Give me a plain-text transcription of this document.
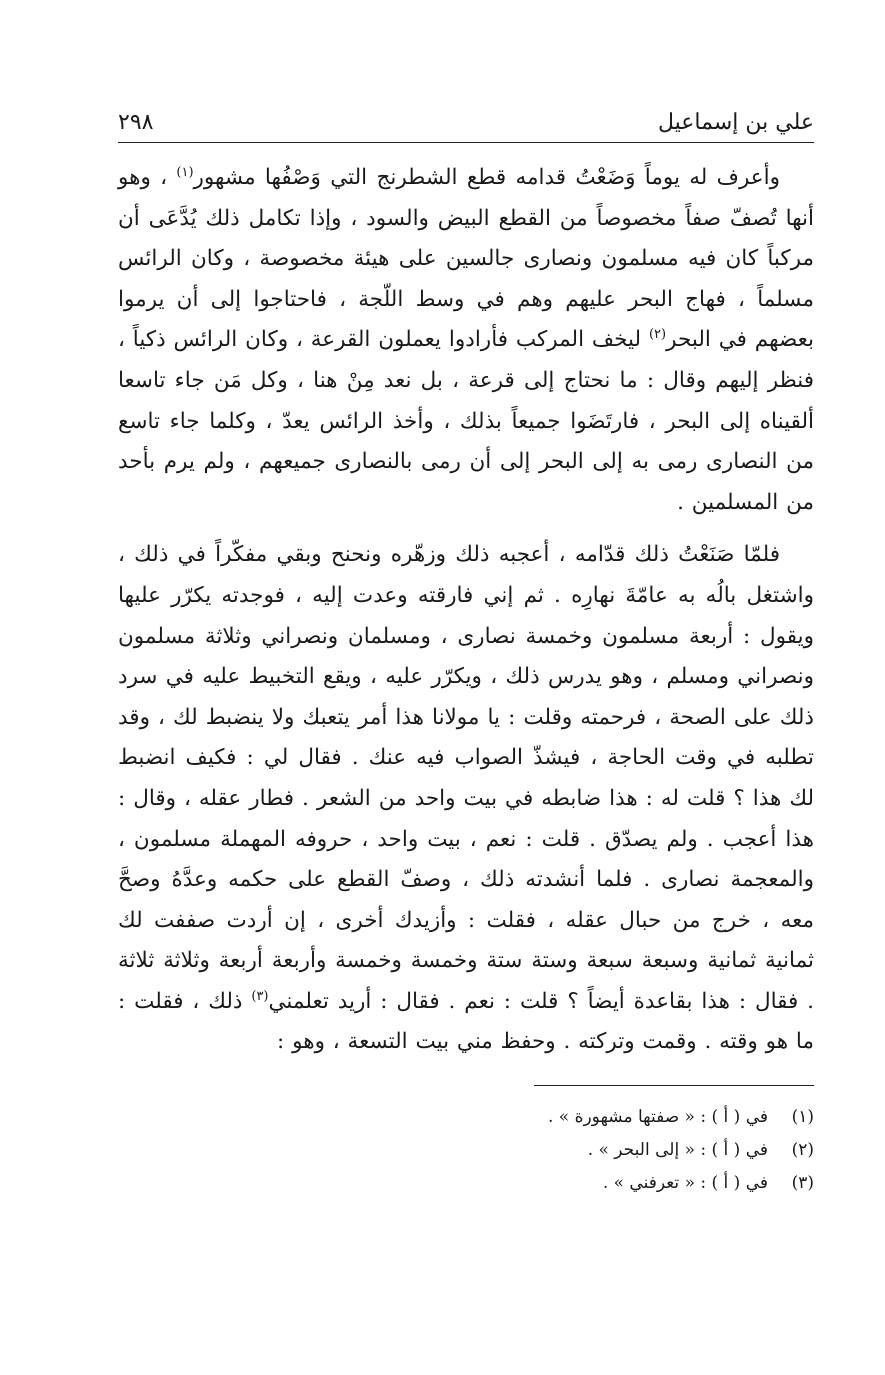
علي بن إسماعيل
٢٩٨

وأعرف له يوماً وَضَعْتُ قدامه قطع الشطرنج التي وَصْفُها مشهور$^{(١)}$ ، وهو أنها تُصفّ صفاً مخصوصاً من القطع البيض والسود ، وإذا تكامل ذلك يُدَّعَى أن مركباً كان فيه مسلمون ونصارى جالسين على هيئة مخصوصة ، وكان الرائس مسلماً ، فهاج البحر عليهم وهم في وسط اللّجة ، فاحتاجوا إلى أن يرموا بعضهم في البحر$^{(٢)}$ ليخف المركب فأرادوا يعملون القرعة ، وكان الرائس ذكياً ، فنظر إليهم وقال : ما نحتاج إلى قرعة ، بل نعد مِنْ هنا ، وكل مَن جاء تاسعا ألقيناه إلى البحر ، فارتَضَوا جميعاً بذلك ، وأخذ الرائس يعدّ ، وكلما جاء تاسع من النصارى رمى به إلى البحر إلى أن رمى بالنصارى جميعهم ، ولم يرم بأحد من المسلمين .

فلمّا صَنَعْتُ ذلك قدّامه ، أعجبه ذلك وزهّره ونحنح وبقي مفكّراً في ذلك ، واشتغل بالُه به عامّةَ نهارِه . ثم إني فارقته وعدت إليه ، فوجدته يكرّر عليها ويقول : أربعة مسلمون وخمسة نصارى ، ومسلمان ونصراني وثلاثة مسلمون ونصراني ومسلم ، وهو يدرس ذلك ، ويكرّر عليه ، ويقع التخبيط عليه في سرد ذلك على الصحة ، فرحمته وقلت : يا مولانا هذا أمر يتعبك ولا ينضبط لك ، وقد تطلبه في وقت الحاجة ، فيشذّ الصواب فيه عنك . فقال لي : فكيف انضبط لك هذا ؟ قلت له : هذا ضابطه في بيت واحد من الشعر . فطار عقله ، وقال : هذا أعجب . ولم يصدّق . قلت : نعم ، بيت واحد ، حروفه المهملة مسلمون ، والمعجمة نصارى . فلما أنشدته ذلك ، وصفّ القطع على حكمه وعدَّهُ وصحَّ معه ، خرج من حبال عقله ، فقلت : وأزيدك أخرى ، إن أردت صففت لك ثمانية ثمانية وسبعة سبعة وستة ستة وخمسة وخمسة وأربعة أربعة وثلاثة ثلاثة . فقال : هذا بقاعدة أيضاً ؟ قلت : نعم . فقال : أريد تعلمني$^{(٣)}$ ذلك ، فقلت : ما هو وقته . وقمت وتركته . وحفظ مني بيت التسعة ، وهو :

(١)في ( أ ) : « صفتها مشهورة » .
(٢)في ( أ ) : « إلى البحر » .
(٣)في ( أ ) : « تعرفني » .
